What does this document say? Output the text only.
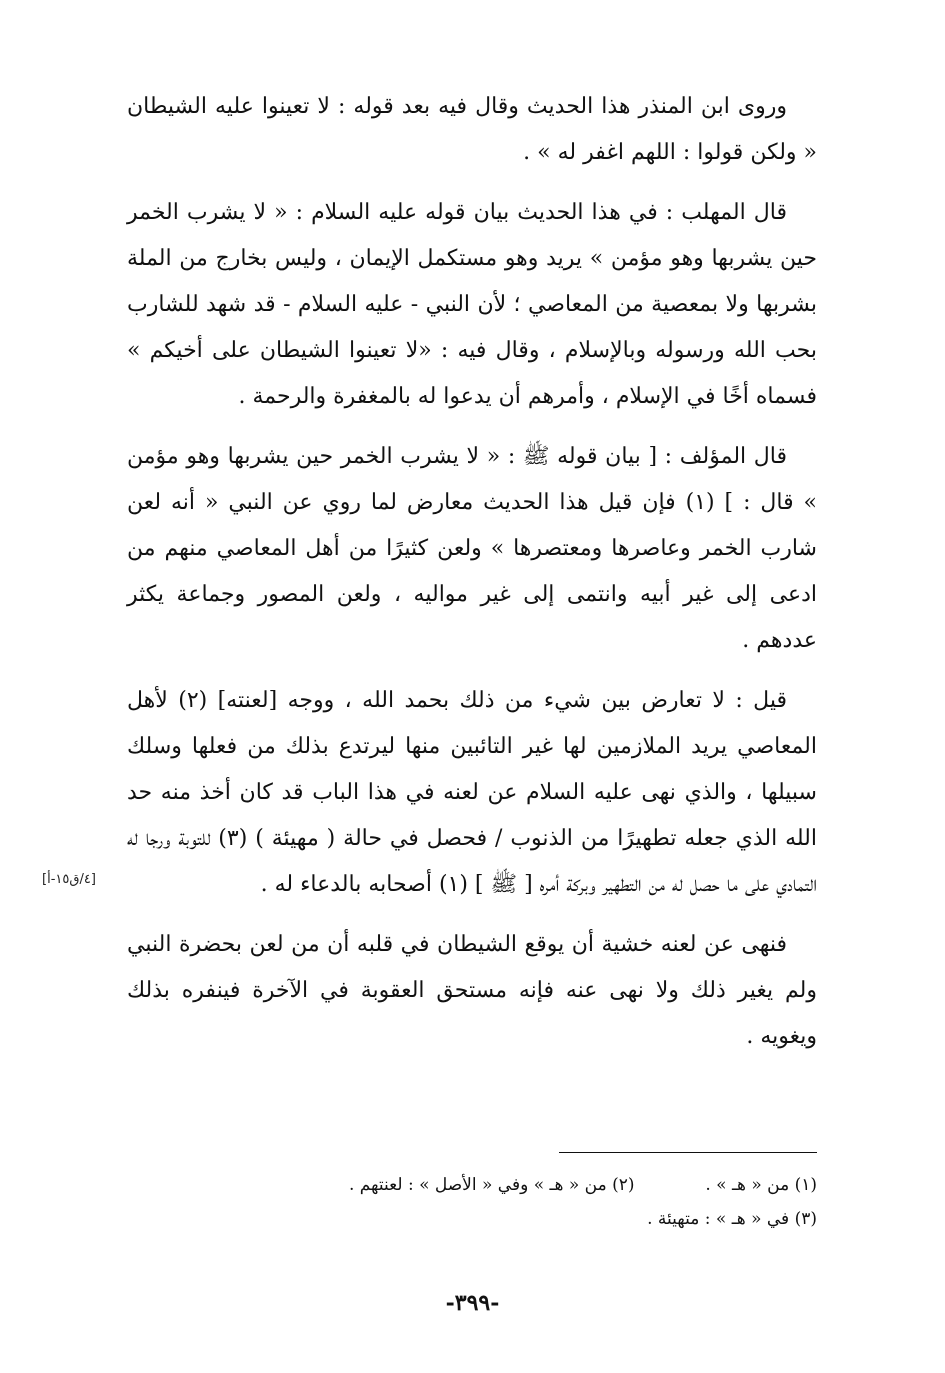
وروى ابن المنذر هذا الحديث وقال فيه بعد قوله : لا تعينوا عليه الشيطان « ولكن قولوا : اللهم اغفر له » .

قال المهلب : في هذا الحديث بيان قوله عليه السلام : « لا يشرب الخمر حين يشربها وهو مؤمن » يريد وهو مستكمل الإيمان ، وليس بخارج من الملة بشربها ولا بمعصية من المعاصي ؛ لأن النبي - عليه السلام - قد شهد للشارب بحب الله ورسوله وبالإسلام ، وقال فيه : «لا تعينوا الشيطان على أخيكم » فسماه أخًا في الإسلام ، وأمرهم أن يدعوا له بالمغفرة والرحمة .

قال المؤلف : [ بيان قوله ﷺ : « لا يشرب الخمر حين يشربها وهو مؤمن » قال : ] (١) فإن قيل هذا الحديث معارض لما روي عن النبي « أنه لعن شارب الخمر وعاصرها ومعتصرها » ولعن كثيرًا من أهل المعاصي منهم من ادعى إلى غير أبيه وانتمى إلى غير مواليه ، ولعن المصور وجماعة يكثر عددهم .

قيل : لا تعارض بين شيء من ذلك بحمد الله ، ووجه [لعنته] (٢) لأهل المعاصي يريد الملازمين لها غير التائبين منها ليرتدع بذلك من فعلها وسلك سبيلها ، والذي نهى عليه السلام عن لعنه في هذا الباب قد كان أخذ منه حد الله الذي جعله تطهيرًا من الذنوب / فحصل في حالة ( مهيئة ) (٣) للتوبة ورجا له التمادي على ما حصل له من التطهير وبركة أمره [ ﷺ ] (١) أصحابه بالدعاء له .

فنهى عن لعنه خشية أن يوقع الشيطان في قلبه أن من لعن بحضرة النبي ولم يغير ذلك ولا نهى عنه فإنه مستحق العقوبة في الآخرة فينفره بذلك ويغويه .

[٤/ق١٥-أ]
(١) من « هـ » .  (٢) من « هـ » وفي « الأصل » : لعنتهم .
(٣) في « هـ » : متهيئة .
-٣٩٩-
